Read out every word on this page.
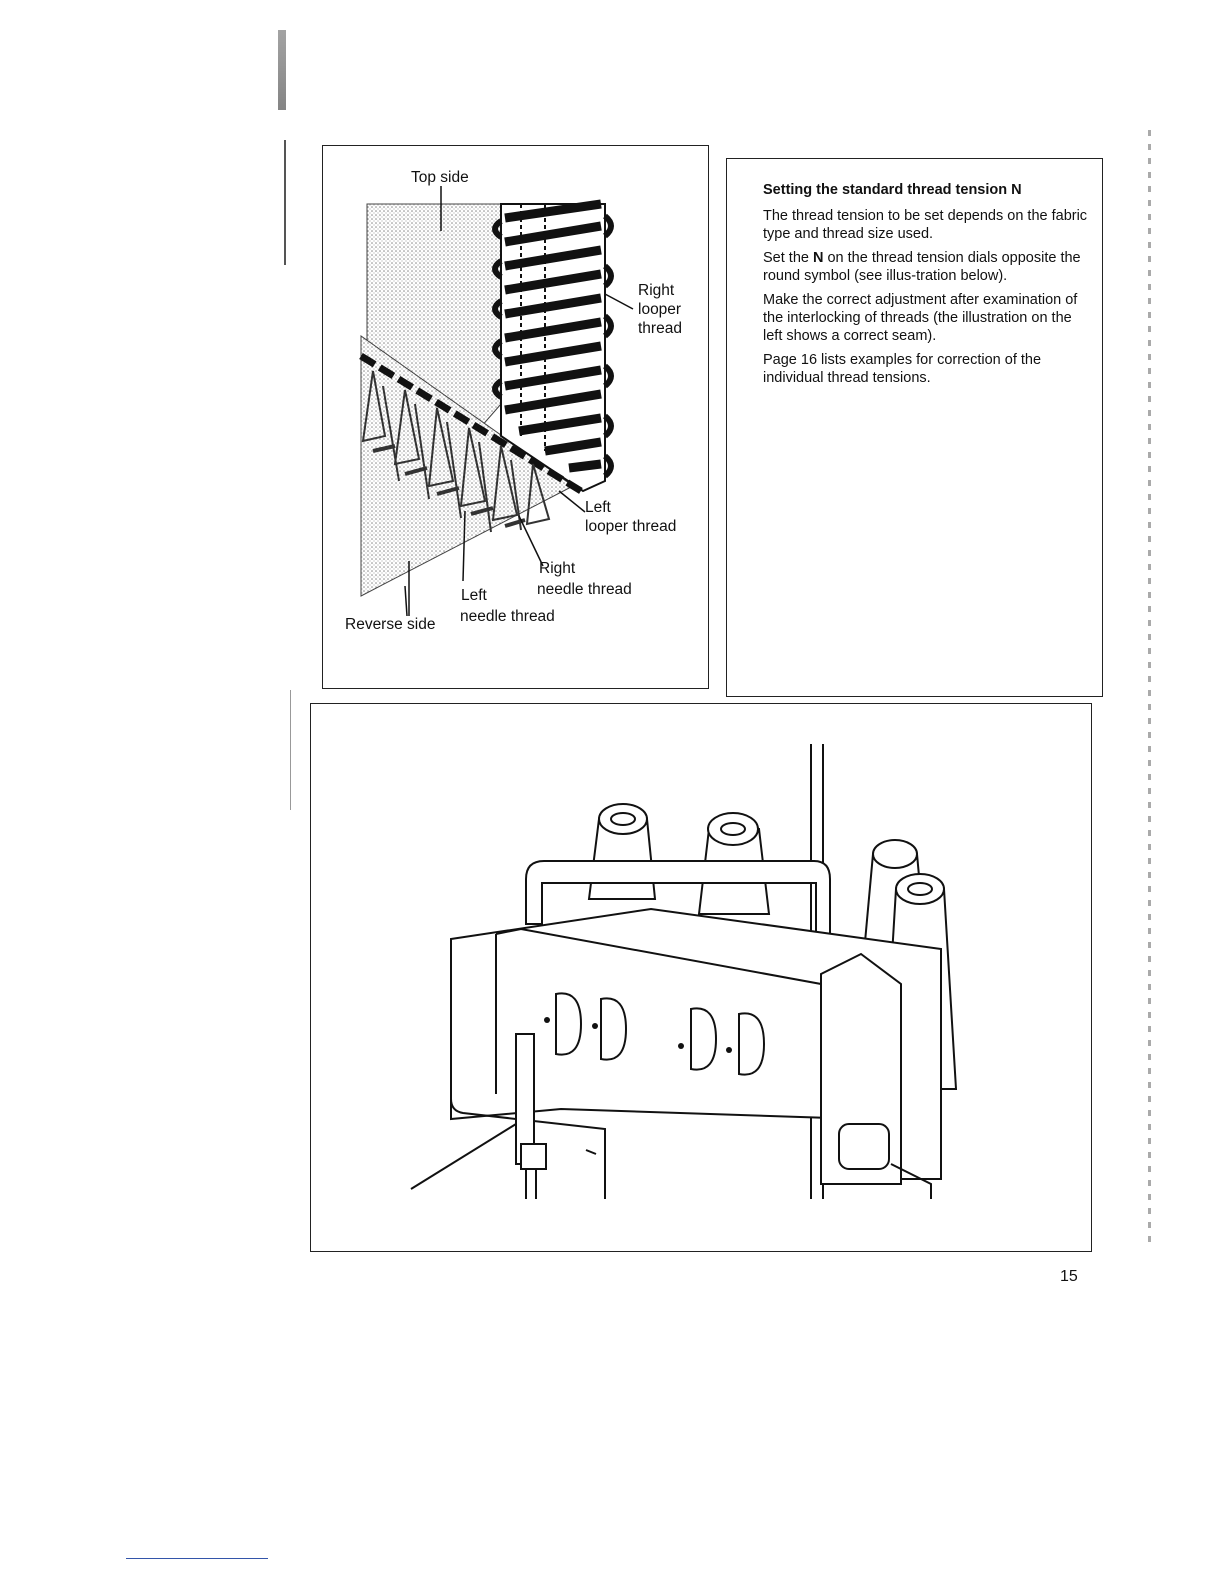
Top side
Right
looper
thread
Left
looper thread
Right
needle thread
Left
needle thread
Reverse side
Setting the standard thread tension N

The thread tension to be set depends on the fabric type and thread size used.

Set the N on the thread tension dials opposite the round symbol (see illus-tration below).

Make the correct adjustment after examination of the interlocking of threads (the illustration on the left shows a correct seam).

Page 16 lists examples for correction of the individual thread tensions.

15
